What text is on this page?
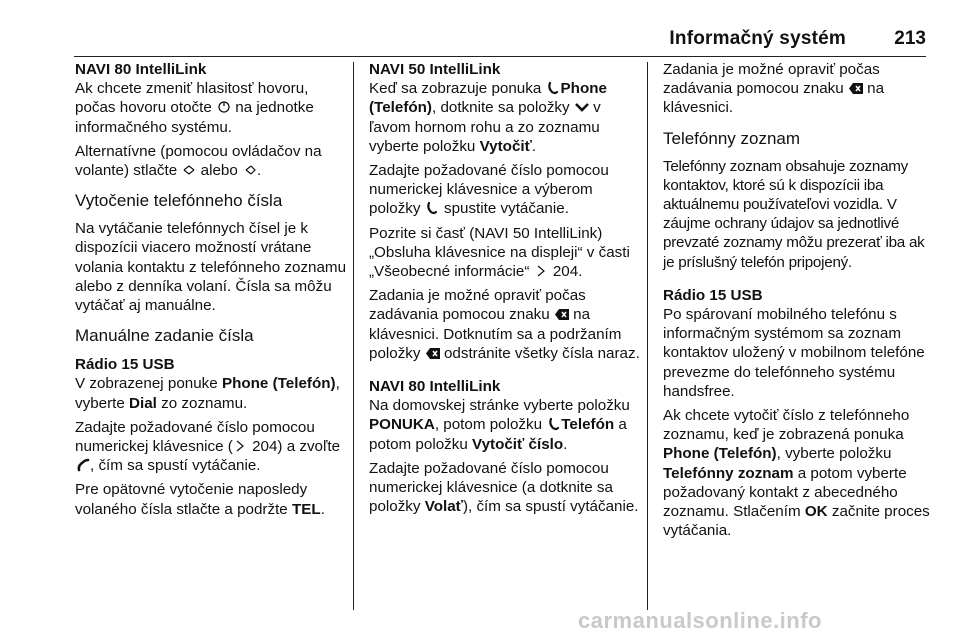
Informačný systém	213
NAVI 80 IntelliLink

Ak chcete zmeniť hlasitosť hovoru, počas hovoru otočte na jednotke informačného systému.

Alternatívne (pomocou ovládačov na volante) stlačte alebo .

Vytočenie telefónneho čísla

Na vytáčanie telefónnych čísel je k dispozícii viacero možností vrátane volania kontaktu z telefónneho zoznamu alebo z denníka volaní. Čísla sa môžu vytáčať aj manuálne.

Manuálne zadanie čísla
Rádio 15 USB

V zobrazenej ponuke Phone (Telefón), vyberte Dial zo zoznamu.

Zadajte požadované číslo pomocou numerickej klávesnice ( 204) a zvoľte , čím sa spustí vytáčanie.

Pre opätovné vytočenie naposledy volaného čísla stlačte a podržte TEL.

NAVI 50 IntelliLink

Keď sa zobrazuje ponuka Phone (Telefón), dotknite sa položky v ľavom hornom rohu a zo zoznamu vyberte položku Vytočiť.

Zadajte požadované číslo pomocou numerickej klávesnice a výberom položky spustite vytáčanie.

Pozrite si časť (NAVI 50 IntelliLink) „Obsluha klávesnice na displeji“ v časti „Všeobecné informácie“ 204.

Zadania je možné opraviť počas zadávania pomocou znaku na klávesnici. Dotknutím sa a podržaním položky odstránite všetky čísla naraz.

NAVI 80 IntelliLink

Na domovskej stránke vyberte položku PONUKA, potom položku Telefón a potom položku Vytočiť číslo.

Zadajte požadované číslo pomocou numerickej klávesnice (a dotknite sa položky Volať), čím sa spustí vytáčanie.

Zadania je možné opraviť počas zadávania pomocou znaku na klávesnici.

Telefónny zoznam

Telefónny zoznam obsahuje zoznamy kontaktov, ktoré sú k dispozícii iba aktuálnemu používateľovi vozidla. V záujme ochrany údajov sa jednotlivé prevzaté zoznamy môžu prezerať iba ak je príslušný telefón pripojený.

Rádio 15 USB

Po spárovaní mobilného telefónu s informačným systémom sa zoznam kontaktov uložený v mobilnom telefóne prevezme do telefónneho systému handsfree.

Ak chcete vytočiť číslo z telefónneho zoznamu, keď je zobrazená ponuka Phone (Telefón), vyberte položku Telefónny zoznam a potom vyberte požadovaný kontakt z abecedného zoznamu. Stlačením OK začnite proces vytáčania.

carmanualsonline.info
